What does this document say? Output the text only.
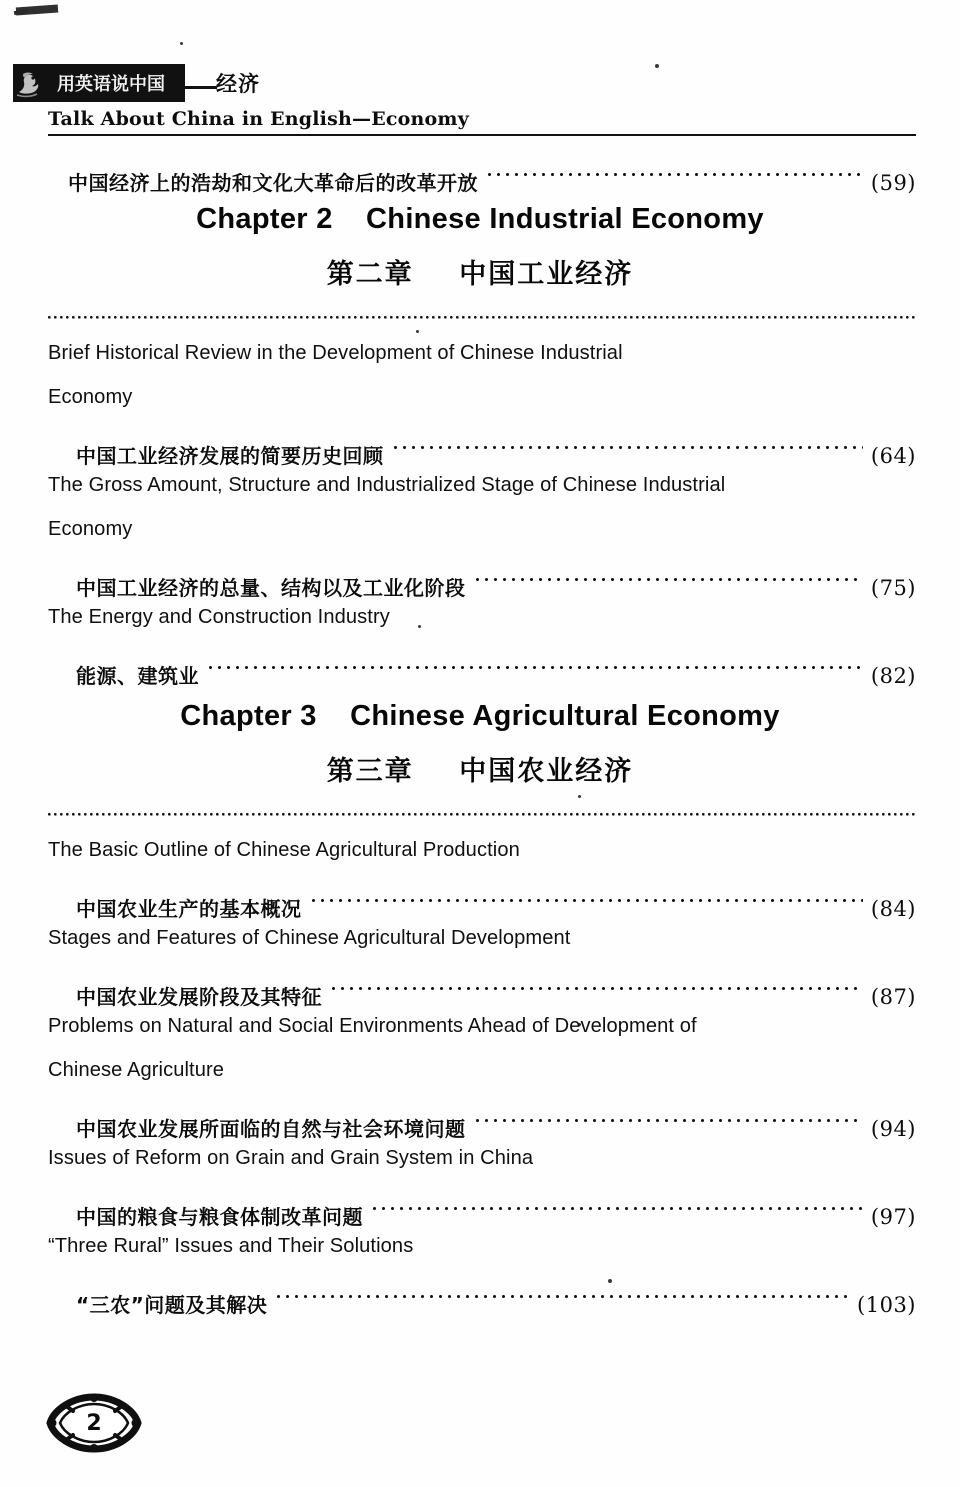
用英语说中国 经济
Talk About China in English—Economy
中国经济上的浩劫和文化大革命后的改革开放	(59)
Chapter 2    Chinese Industrial Economy
第二章    中国工业经济
Brief Historical Review in the Development of Chinese Industrial
Economy
中国工业经济发展的简要历史回顾	(64)
The Gross Amount, Structure and Industrialized Stage of Chinese Industrial
Economy
中国工业经济的总量、结构以及工业化阶段	(75)
The Energy and Construction Industry
能源、建筑业	(82)
Chapter 3    Chinese Agricultural Economy
第三章    中国农业经济
The Basic Outline of Chinese Agricultural Production
中国农业生产的基本概况	(84)
Stages and Features of Chinese Agricultural Development
中国农业发展阶段及其特征	(87)
Problems on Natural and Social Environments Ahead of Development of
Chinese Agriculture
中国农业发展所面临的自然与社会环境问题	(94)
Issues of Reform on Grain and Grain System in China
中国的粮食与粮食体制改革问题	(97)
“Three Rural” Issues and Their Solutions
“三农”问题及其解决	(103)
2
